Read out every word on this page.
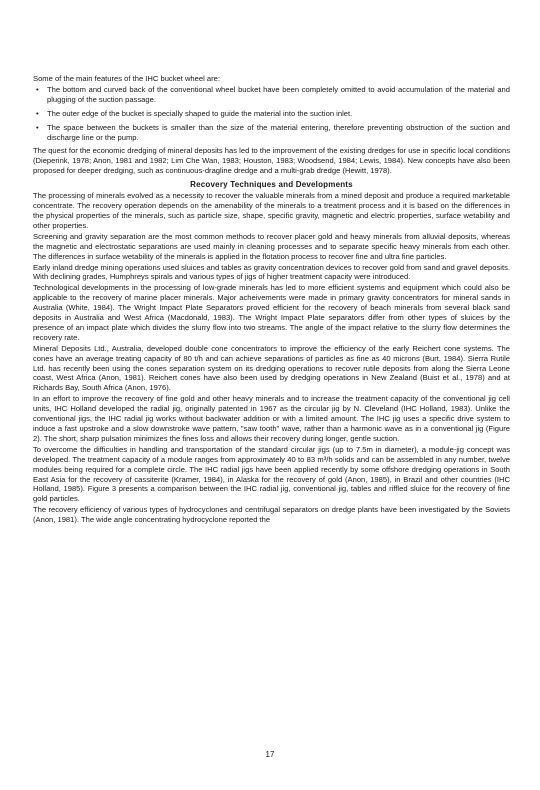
Some of the main features of the IHC bucket wheel are:

• The bottom and curved back of the conventional wheel bucket have been completely omitted to avoid accumulation of the material and plugging of the suction passage.
• The outer edge of the bucket is specially shaped to guide the material into the suction inlet.
• The space between the buckets is smaller than the size of the material entering, therefore preventing obstruction of the suction and discharge line or the pump.

The quest for the economic dredging of mineral deposits has led to the improvement of the existing dredges for use in specific local conditions (Dieperink, 1978; Anon, 1981 and 1982; Lim Che Wan, 1983; Houston, 1983; Woodsend, 1984; Lewis, 1984). New concepts have also been proposed for deeper dredging, such as continuous-dragline dredge and a multi-grab dredge (Hewitt, 1978).

Recovery Techniques and Developments

The processing of minerals evolved as a necessity to recover the valuable minerals from a mined deposit and produce a required marketable concentrate. The recovery operation depends on the amenability of the minerals to a treatment process and it is based on the differences in the physical properties of the minerals, such as particle size, shape, specific gravity, magnetic and electric properties, surface wetability and other properties.

Screening and gravity separation are the most common methods to recover placer gold and heavy minerals from alluvial deposits, whereas the magnetic and electrostatic separations are used mainly in cleaning processes and to separate specific heavy minerals from each other. The differences in surface wetability of the minerals is applied in the flotation process to recover fine and ultra fine particles.

Early inland dredge mining operations used sluices and tables as gravity concentration devices to recover gold from sand and gravel deposits. With declining grades, Humphreys spirals and various types of jigs of higher treatment capacity were introduced.

Technological developments in the processing of low-grade minerals has led to more efficient systems and equipment which could also be applicable to the recovery of marine placer minerals. Major acheivements were made in primary gravity concentrators for mineral sands in Australia (White, 1984). The Wright Impact Plate Separators proved efficient for the recovery of beach minerals from several black sand deposits in Australia and West Africa (Macdonald, 1983). The Wright Impact Plate separators differ from other types of sluices by the presence of an impact plate which divides the slurry flow into two streams. The angle of the impact relative to the slurry flow determines the recovery rate.

Mineral Deposits Ltd., Australia, developed double cone concentrators to improve the efficiency of the early Reichert cone systems. The cones have an average treating capacity of 80 t/h and can achieve separations of particles as fine as 40 microns (Burt, 1984). Sierra Rutile Ltd. has recently been using the cones separation system on its dredging operations to recover rutile deposits from along the Sierra Leone coast, West Africa (Anon, 1981). Reichert cones have also been used by dredging operations in New Zealand (Buist et al., 1978) and at Richards Bay, South Africa (Anon, 1976).

In an effort to improve the recovery of fine gold and other heavy minerals and to increase the treatment capacity of the conventional jig cell units, IHC Holland developed the radial jig, originally patented in 1967 as the circular jig by N. Cleveland (IHC Holland, 1983). Unlike the conventional jigs, the IHC radial jig works without backwater addition or with a limited amount. The IHC jig uses a specific drive system to induce a fast upstroke and a slow downstroke wave pattern, "saw tooth" wave, rather than a harmonic wave as in a conventional jig (Figure 2). The short, sharp pulsation minimizes the fines loss and allows their recovery during longer, gentle suction.

To overcome the difficulties in handling and transportation of the standard circular jigs (up to 7.5m in diameter), a module-jig concept was developed. The treatment capacity of a module ranges from approximately 40 to 83 m³/h solids and can be assembled in any number, twelve modules being required for a complete circle. The IHC radial jigs have been applied recently by some offshore dredging operations in South East Asia for the recovery of cassiterite (Kramer, 1984), in Alaska for the recovery of gold (Anon, 1985), in Brazil and other countries (IHC Holland, 1985). Figure 3 presents a comparison between the IHC radial jig, conventional jig, tables and riffled sluice for the recovery of fine gold particles.

The recovery efficiency of various types of hydrocyclones and centrifugal separators on dredge plants have been investigated by the Soviets (Anon, 1981). The wide angle concentrating hydrocyclone reported the

17
